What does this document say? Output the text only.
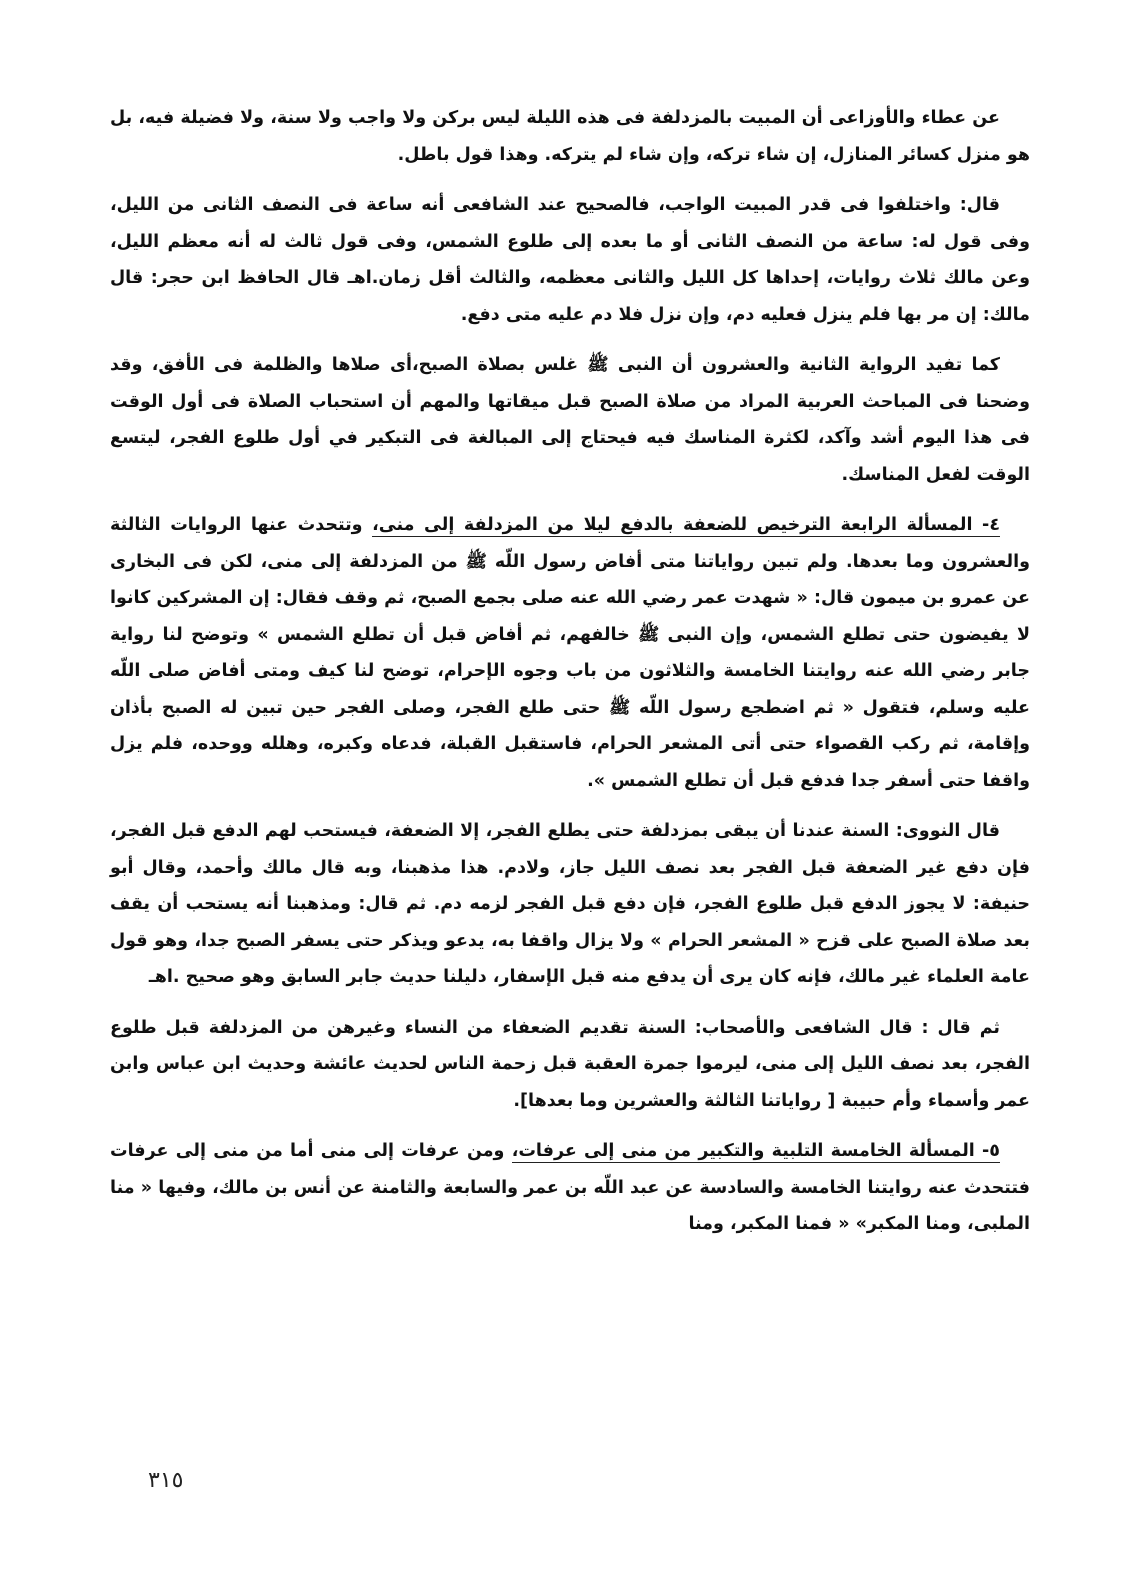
عن عطاء والأوزاعى أن المبيت بالمزدلفة فى هذه الليلة ليس بركن ولا واجب ولا سنة، ولا فضيلة فيه، بل هو منزل كسائر المنازل، إن شاء تركه، وإن شاء لم يتركه. وهذا قول باطل.

قال: واختلفوا فى قدر المبيت الواجب، فالصحيح عند الشافعى أنه ساعة فى النصف الثانى من الليل، وفى قول له: ساعة من النصف الثانى أو ما بعده إلى طلوع الشمس، وفى قول ثالث له أنه معظم الليل، وعن مالك ثلاث روايات، إحداها كل الليل والثانى معظمه، والثالث أقل زمان.اهـ قال الحافظ ابن حجر: قال مالك: إن مر بها فلم ينزل فعليه دم، وإن نزل فلا دم عليه متى دفع.

كما تفيد الرواية الثانية والعشرون أن النبى ﷺ غلس بصلاة الصبح،أى صلاها والظلمة فى الأفق، وقد وضحنا فى المباحث العربية المراد من صلاة الصبح قبل ميقاتها والمهم أن استحباب الصلاة فى أول الوقت فى هذا اليوم أشد وآكد، لكثرة المناسك فيه فيحتاج إلى المبالغة فى التبكير في أول طلوع الفجر، ليتسع الوقت لفعل المناسك.

٤- المسألة الرابعة الترخيص للضعفة بالدفع ليلا من المزدلفة إلى منى، وتتحدث عنها الروايات الثالثة والعشرون وما بعدها. ولم تبين رواياتنا متى أفاض رسول اللّه ﷺ من المزدلفة إلى منى، لكن فى البخارى عن عمرو بن ميمون قال: « شهدت عمر رضي الله عنه صلى بجمع الصبح، ثم وقف فقال: إن المشركين كانوا لا يفيضون حتى تطلع الشمس، وإن النبى ﷺ خالفهم، ثم أفاض قبل أن تطلع الشمس » وتوضح لنا رواية جابر رضي الله عنه روايتنا الخامسة والثلاثون من باب وجوه الإحرام، توضح لنا كيف ومتى أفاض صلى اللّه عليه وسلم، فتقول « ثم اضطجع رسول اللّه ﷺ حتى طلع الفجر، وصلى الفجر حين تبين له الصبح بأذان وإقامة، ثم ركب القصواء حتى أتى المشعر الحرام، فاستقبل القبلة، فدعاه وكبره، وهلله ووحده، فلم يزل واقفا حتى أسفر جدا فدفع قبل أن تطلع الشمس ».

قال النووى: السنة عندنا أن يبقى بمزدلفة حتى يطلع الفجر، إلا الضعفة، فيستحب لهم الدفع قبل الفجر، فإن دفع غير الضعفة قبل الفجر بعد نصف الليل جاز، ولادم. هذا مذهبنا، وبه قال مالك وأحمد، وقال أبو حنيفة: لا يجوز الدفع قبل طلوع الفجر، فإن دفع قبل الفجر لزمه دم. ثم قال: ومذهبنا أنه يستحب أن يقف بعد صلاة الصبح على قزح « المشعر الحرام » ولا يزال واقفا به، يدعو ويذكر حتى يسفر الصبح جدا، وهو قول عامة العلماء غير مالك، فإنه كان يرى أن يدفع منه قبل الإسفار، دليلنا حديث جابر السابق وهو صحيح .اهـ

ثم قال : قال الشافعى والأصحاب: السنة تقديم الضعفاء من النساء وغيرهن من المزدلفة قبل طلوع الفجر، بعد نصف الليل إلى منى، ليرموا جمرة العقبة قبل زحمة الناس لحديث عائشة وحديث ابن عباس وابن عمر وأسماء وأم حبيبة [ رواياتنا الثالثة والعشرين وما بعدها].

٥- المسألة الخامسة التلبية والتكبير من منى إلى عرفات، ومن عرفات إلى منى أما من منى إلى عرفات فتتحدث عنه روايتنا الخامسة والسادسة عن عبد اللّه بن عمر والسابعة والثامنة عن أنس بن مالك، وفيها « منا الملبى، ومنا المكبر» « فمنا المكبر، ومنا

٣١٥
